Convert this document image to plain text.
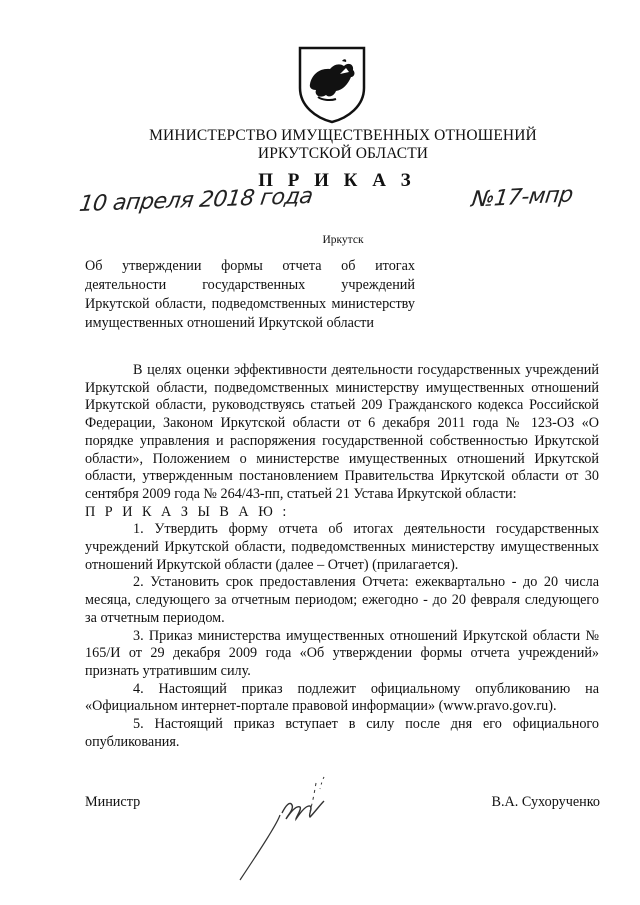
МИНИСТЕРСТВО ИМУЩЕСТВЕННЫХ ОТНОШЕНИЙ
ИРКУТСКОЙ ОБЛАСТИ
П Р И К А З
10 апреля 2018 года	№17-мпр
Иркутск
Об утверждении формы отчета об итогах деятельности государственных учреждений Иркутской области, подведомственных министерству имущественных отношений Иркутской области

В целях оценки эффективности деятельности государственных учреждений Иркутской области, подведомственных министерству имущественных отношений Иркутской области, руководствуясь статьей 209 Гражданского кодекса Российской Федерации, Законом Иркутской области от 6 декабря 2011 года № 123-ОЗ «О порядке управления и распоряжения государственной собственностью Иркутской области», Положением о министерстве имущественных отношений Иркутской области, утвержденным постановлением Правительства Иркутской области от 30 сентября 2009 года № 264/43-пп, статьей 21 Устава Иркутской области:

П Р И К А З Ы В А Ю :

1. Утвердить форму отчета об итогах деятельности государственных учреждений Иркутской области, подведомственных министерству имущественных отношений Иркутской области (далее – Отчет) (прилагается).

2. Установить срок предоставления Отчета: ежеквартально - до 20 числа месяца, следующего за отчетным периодом; ежегодно - до 20 февраля следующего за отчетным периодом.

3. Приказ министерства имущественных отношений Иркутской области № 165/И от 29 декабря 2009 года «Об утверждении формы отчета учреждений» признать утратившим силу.

4. Настоящий приказ подлежит официальному опубликованию на «Официальном интернет-портале правовой информации» (www.pravo.gov.ru).

5. Настоящий приказ вступает в силу после дня его официального опубликования.

Министр	В.А. Сухорученко
